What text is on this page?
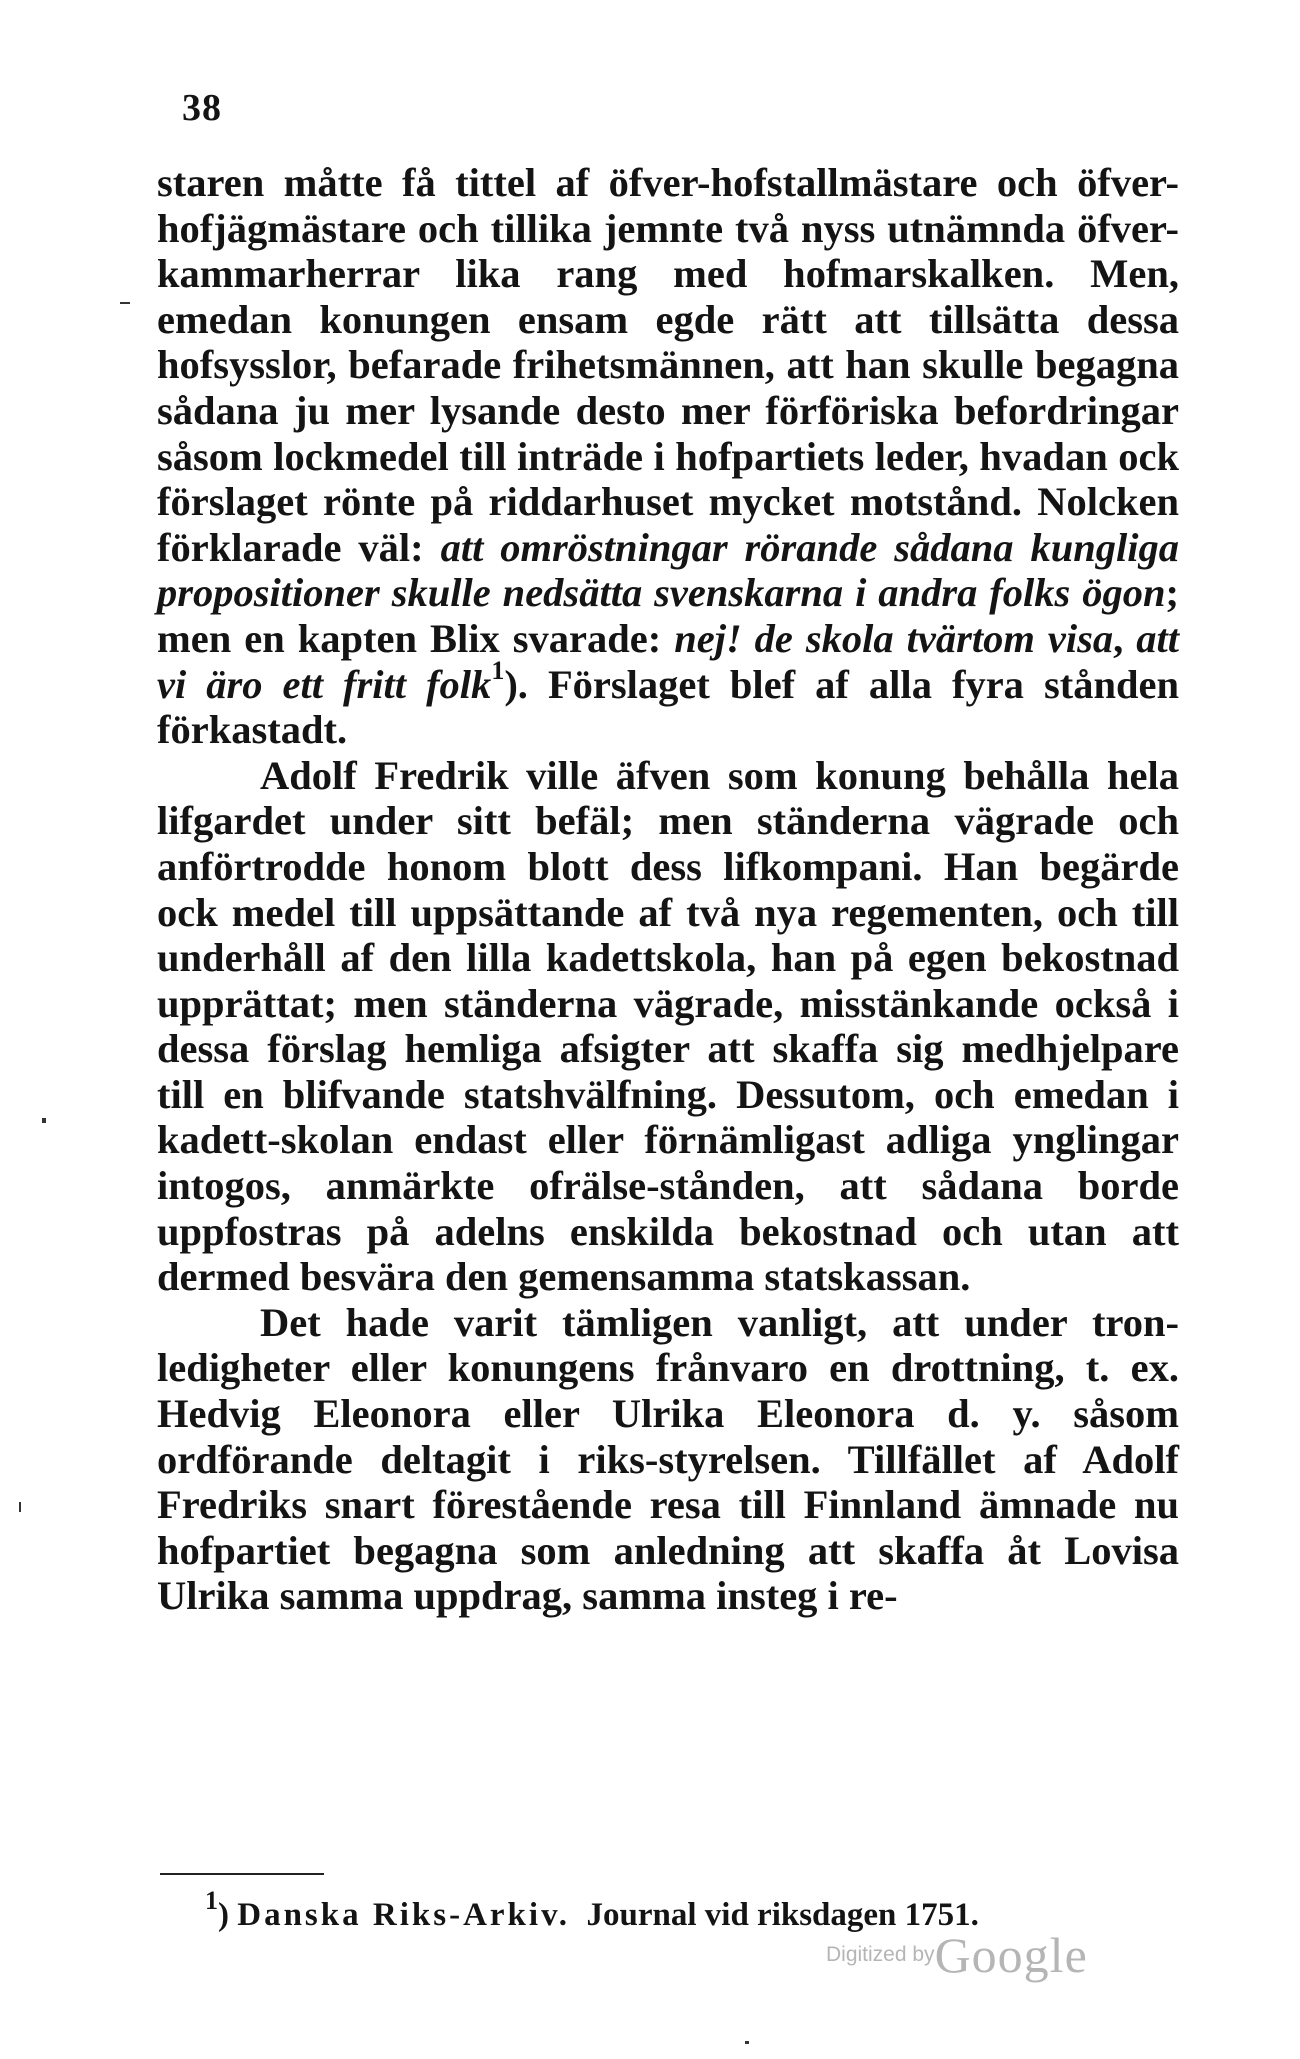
38

staren måtte få tittel af öfver-hofstallmästare och öfver-hofjägmästare och tillika jemnte två nyss utnämnda öfver-kammarherrar lika rang med hofmarskalken. Men, emedan konungen ensam egde rätt att tillsätta dessa hofsysslor, befarade frihetsmännen, att han skulle begagna sådana ju mer lysande desto mer förföriska befordringar såsom lockmedel till inträde i hofpartiets leder, hvadan ock förslaget rönte på riddarhuset mycket motstånd. Nolcken förklarade väl: att omröstningar rörande sådana kungliga propositioner skulle nedsätta svenskarna i andra folks ögon; men en kapten Blix svarade: nej! de skola tvärtom visa, att vi äro ett fritt folk$^1$). Förslaget blef af alla fyra stånden förkastadt.

Adolf Fredrik ville äfven som konung behålla hela lifgardet under sitt befäl; men ständerna vägrade och anförtrodde honom blott dess lifkompani. Han begärde ock medel till uppsättande af två nya regementen, och till underhåll af den lilla kadettskola, han på egen bekostnad upprättat; men ständerna vägrade, misstänkande också i dessa förslag hemliga afsigter att skaffa sig medhjelpare till en blifvande statshvälfning. Dessutom, och emedan i kadett-skolan endast eller förnämligast adliga ynglingar intogos, anmärkte ofrälse-stånden, att sådana borde uppfostras på adelns enskilda bekostnad och utan att dermed besvära den gemensamma statskassan.

Det hade varit tämligen vanligt, att under tronledigheter eller konungens frånvaro en drottning, t. ex. Hedvig Eleonora eller Ulrika Eleonora d. y. såsom ordförande deltagit i riks-styrelsen. Tillfället af Adolf Fredriks snart förestående resa till Finnland ämnade nu hofpartiet begagna som anledning att skaffa åt Lovisa Ulrika samma uppdrag, samma insteg i re-

$^1$) Danska Riks-Arkiv. Journal vid riksdagen 1751.
Digitized byGoogle
